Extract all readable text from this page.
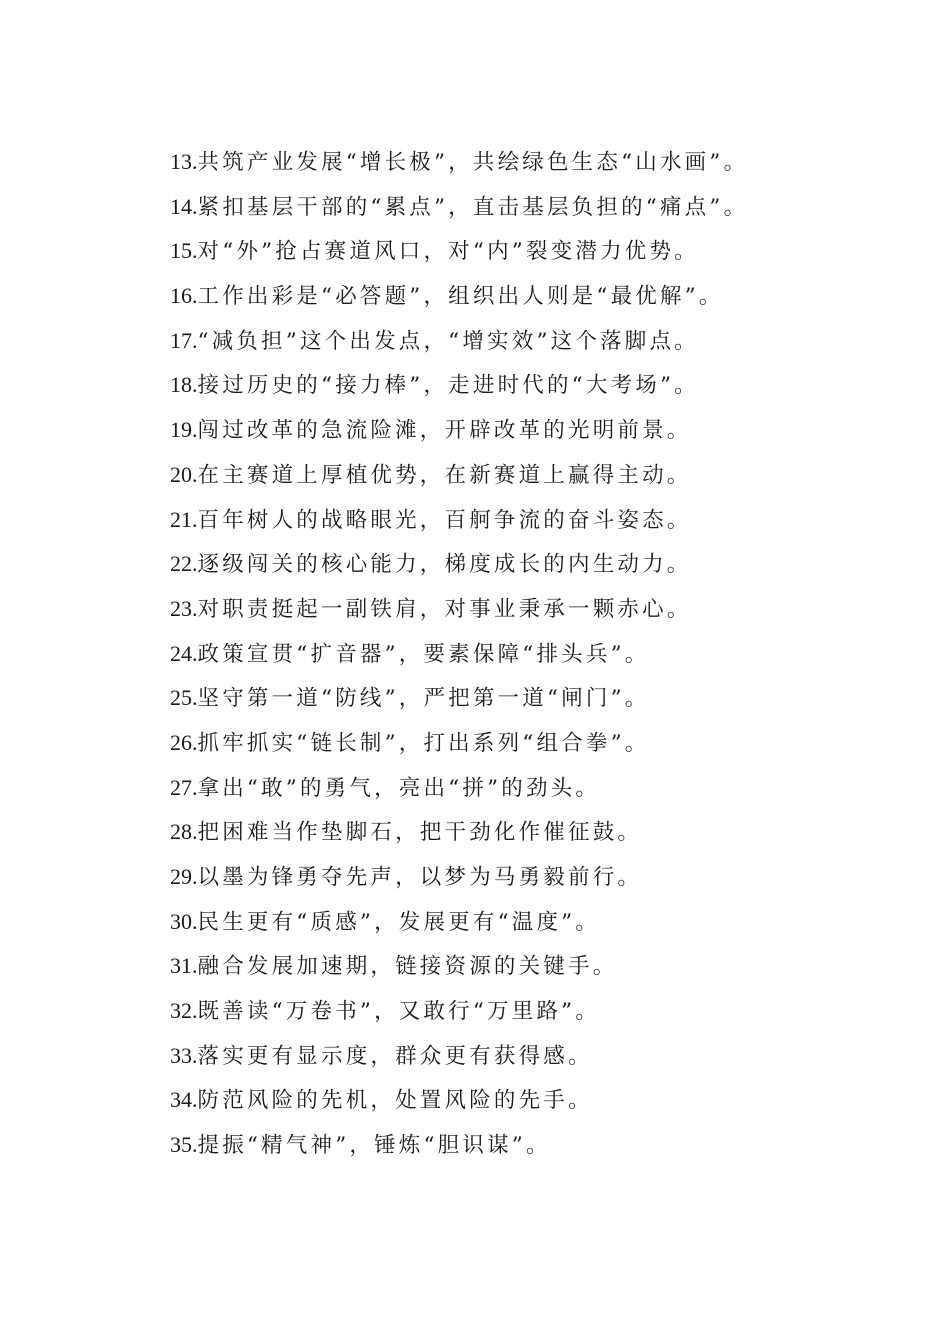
13.共筑产业发展“增长极”，共绘绿色生态“山水画”。
14.紧扣基层干部的“累点”，直击基层负担的“痛点”。
15.对“外”抢占赛道风口，对“内”裂变潜力优势。
16.工作出彩是“必答题”，组织出人则是“最优解”。
17.“减负担”这个出发点，“增实效”这个落脚点。
18.接过历史的“接力棒”，走进时代的“大考场”。
19.闯过改革的急流险滩，开辟改革的光明前景。
20.在主赛道上厚植优势，在新赛道上赢得主动。
21.百年树人的战略眼光，百舸争流的奋斗姿态。
22.逐级闯关的核心能力，梯度成长的内生动力。
23.对职责挺起一副铁肩，对事业秉承一颗赤心。
24.政策宣贯“扩音器”，要素保障“排头兵”。
25.坚守第一道“防线”，严把第一道“闸门”。
26.抓牢抓实“链长制”，打出系列“组合拳”。
27.拿出“敢”的勇气，亮出“拼”的劲头。
28.把困难当作垫脚石，把干劲化作催征鼓。
29.以墨为锋勇夺先声，以梦为马勇毅前行。
30.民生更有“质感”，发展更有“温度”。
31.融合发展加速期，链接资源的关键手。
32.既善读“万卷书”，又敢行“万里路”。
33.落实更有显示度，群众更有获得感。
34.防范风险的先机，处置风险的先手。
35.提振“精气神”，锤炼“胆识谋”。
